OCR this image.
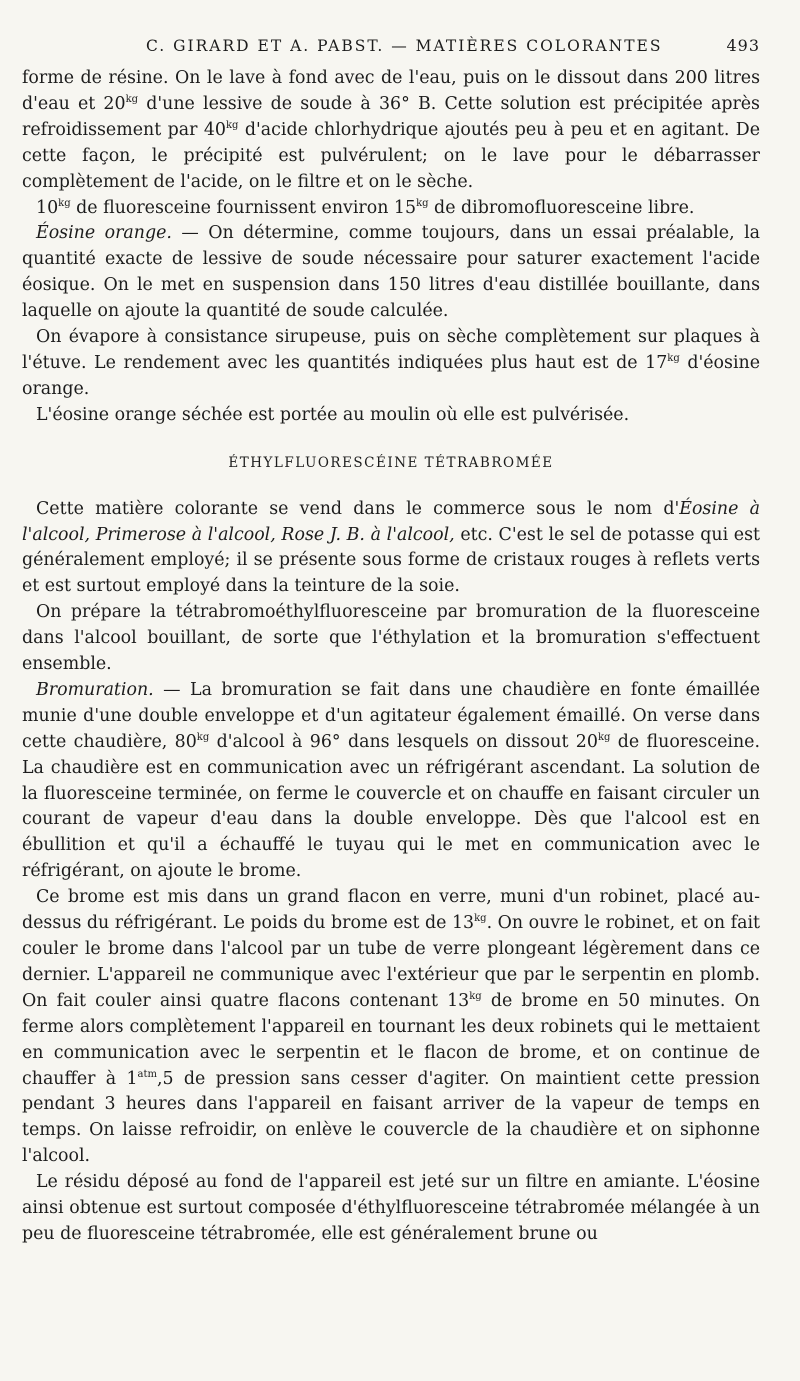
C. GIRARD ET A. PABST. — MATIÈRES COLORANTES	493

forme de résine. On le lave à fond avec de l'eau, puis on le dissout dans 200 litres d'eau et $20^{kg}$ d'une lessive de soude à 36° B. Cette solution est précipitée après refroidissement par $40^{kg}$ d'acide chlorhydrique ajoutés peu à peu et en agitant. De cette façon, le précipité est pulvérulent; on le lave pour le débarrasser complètement de l'acide, on le filtre et on le sèche.

$10^{kg}$ de fluoresceine fournissent environ $15^{kg}$ de dibromofluoresceine libre.

Éosine orange. — On détermine, comme toujours, dans un essai préalable, la quantité exacte de lessive de soude nécessaire pour saturer exactement l'acide éosique. On le met en suspension dans 150 litres d'eau distillée bouillante, dans laquelle on ajoute la quantité de soude calculée.

On évapore à consistance sirupeuse, puis on sèche complètement sur plaques à l'étuve. Le rendement avec les quantités indiquées plus haut est de $17^{kg}$ d'éosine orange.

L'éosine orange séchée est portée au moulin où elle est pulvérisée.

ÉTHYLFLUORESCÉINE TÉTRABROMÉE

Cette matière colorante se vend dans le commerce sous le nom d'Éosine à l'alcool, Primerose à l'alcool, Rose J. B. à l'alcool, etc. C'est le sel de potasse qui est généralement employé; il se présente sous forme de cristaux rouges à reflets verts et est surtout employé dans la teinture de la soie.

On prépare la tétrabromoéthylfluoresceine par bromuration de la fluoresceine dans l'alcool bouillant, de sorte que l'éthylation et la bromuration s'effectuent ensemble.

Bromuration. — La bromuration se fait dans une chaudière en fonte émaillée munie d'une double enveloppe et d'un agitateur également émaillé. On verse dans cette chaudière, $80^{kg}$ d'alcool à 96° dans lesquels on dissout $20^{kg}$ de fluoresceine. La chaudière est en communication avec un réfrigérant ascendant. La solution de la fluoresceine terminée, on ferme le couvercle et on chauffe en faisant circuler un courant de vapeur d'eau dans la double enveloppe. Dès que l'alcool est en ébullition et qu'il a échauffé le tuyau qui le met en communication avec le réfrigérant, on ajoute le brome.

Ce brome est mis dans un grand flacon en verre, muni d'un robinet, placé au-dessus du réfrigérant. Le poids du brome est de $13^{kg}$. On ouvre le robinet, et on fait couler le brome dans l'alcool par un tube de verre plongeant légèrement dans ce dernier. L'appareil ne communique avec l'extérieur que par le serpentin en plomb. On fait couler ainsi quatre flacons contenant $13^{kg}$ de brome en 50 minutes. On ferme alors complètement l'appareil en tournant les deux robinets qui le mettaient en communication avec le serpentin et le flacon de brome, et on continue de chauffer à $1^{atm},5$ de pression sans cesser d'agiter. On maintient cette pression pendant 3 heures dans l'appareil en faisant arriver de la vapeur de temps en temps. On laisse refroidir, on enlève le couvercle de la chaudière et on siphonne l'alcool.

Le résidu déposé au fond de l'appareil est jeté sur un filtre en amiante. L'éosine ainsi obtenue est surtout composée d'éthylfluoresceine tétrabromée mélangée à un peu de fluoresceine tétrabromée, elle est généralement brune ou
